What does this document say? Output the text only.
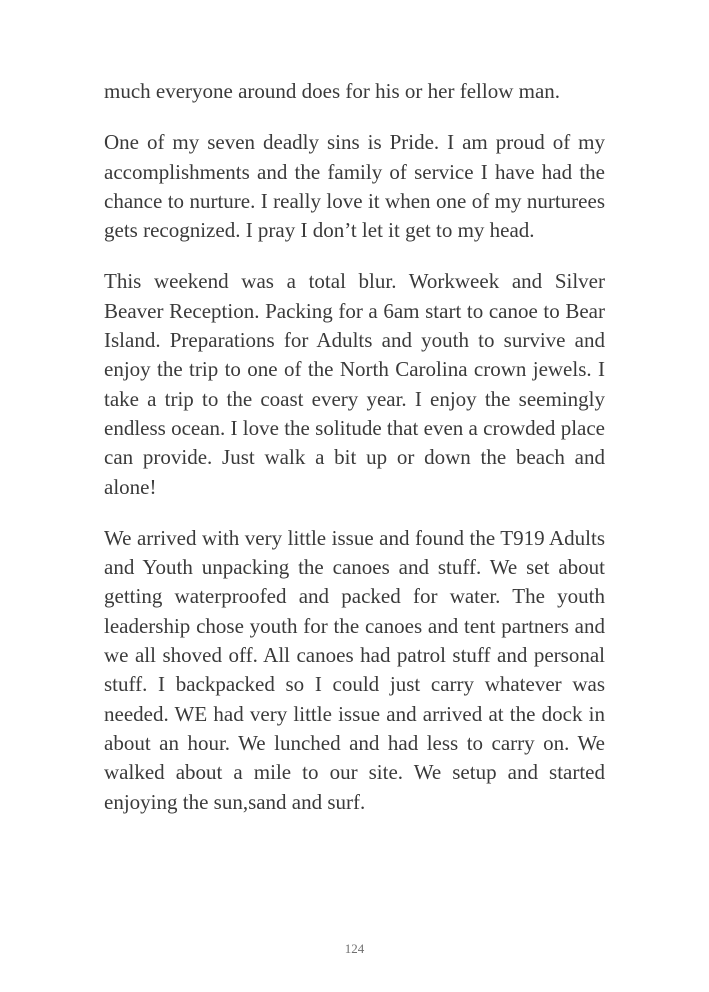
much everyone around does for his or her fellow man.

One of my seven deadly sins is Pride. I am proud of my accomplishments and the family of service I have had the chance to nurture. I really love it when one of my nurturees gets recognized. I pray I don’t let it get to my head.

This weekend was a total blur. Workweek and Silver Beaver Reception. Packing for a 6am start to canoe to Bear Island. Preparations for Adults and youth to survive and enjoy the trip to one of the North Carolina crown jewels. I take a trip to the coast every year. I enjoy the seemingly endless ocean. I love the solitude that even a crowded place can provide. Just walk a bit up or down the beach and alone!

We arrived with very little issue and found the T919 Adults and Youth unpacking the canoes and stuff. We set about getting waterproofed and packed for water. The youth leadership chose youth for the canoes and tent partners and we all shoved off. All canoes had patrol stuff and personal stuff. I backpacked so I could just carry whatever was needed. WE had very little issue and arrived at the dock in about an hour. We lunched and had less to carry on. We walked about a mile to our site. We setup and started enjoying the sun,sand and surf.

124
